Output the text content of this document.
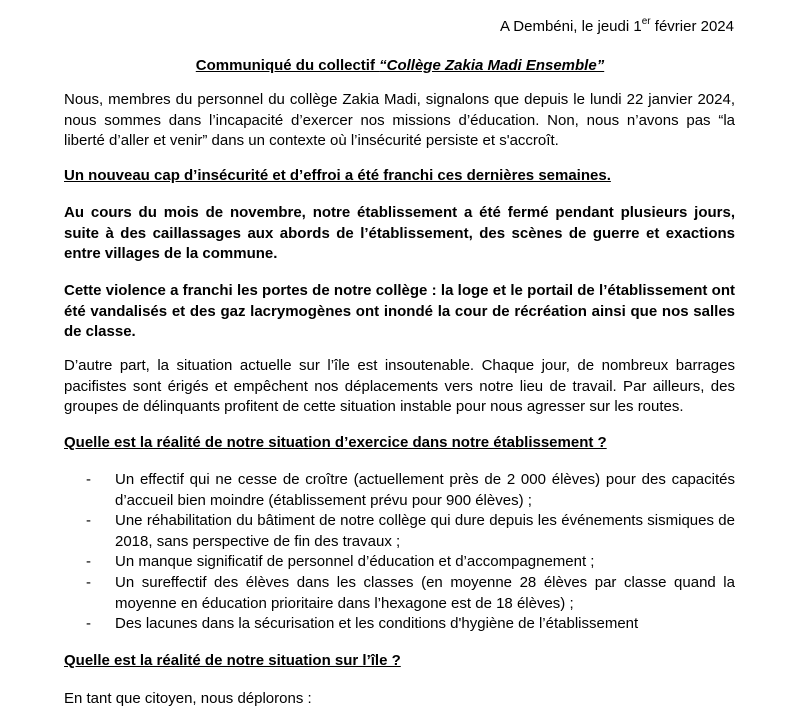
A Dembéni, le jeudi 1er février 2024
Communiqué du collectif “Collège Zakia Madi Ensemble”
Nous, membres du personnel du collège Zakia Madi, signalons que depuis le lundi 22 janvier 2024, nous sommes dans l’incapacité d’exercer nos missions d’éducation. Non, nous n’avons pas “la liberté d’aller et venir” dans un contexte où l’insécurité persiste et s'accroît.
Un nouveau cap d’insécurité et d’effroi a été franchi ces dernières semaines.
Au cours du mois de novembre, notre établissement a été fermé pendant plusieurs jours, suite à des caillassages aux abords de l’établissement, des scènes de guerre et exactions entre villages de la commune.
Cette violence a franchi les portes de notre collège : la loge et le portail de l’établissement ont été vandalisés et des gaz lacrymogènes ont inondé la cour de récréation ainsi que nos salles de classe.
D’autre part, la situation actuelle sur l’île est insoutenable. Chaque jour, de nombreux barrages pacifistes sont érigés et empêchent nos déplacements vers notre lieu de travail. Par ailleurs, des groupes de délinquants profitent de cette situation instable pour nous agresser sur les routes.
Quelle est la réalité de notre situation d’exercice dans notre établissement ?
- Un effectif qui ne cesse de croître (actuellement près de 2 000 élèves) pour des capacités d’accueil bien moindre (établissement prévu pour 900 élèves) ;
- Une réhabilitation du bâtiment de notre collège qui dure depuis les événements sismiques de 2018, sans perspective de fin des travaux ;
- Un manque significatif de personnel d’éducation et d’accompagnement ;
- Un sureffectif des élèves dans les classes (en moyenne 28 élèves par classe quand la moyenne en éducation prioritaire dans l’hexagone est de 18 élèves) ;
- Des lacunes dans la sécurisation et les conditions d'hygiène de l’établissement
Quelle est la réalité de notre situation sur l’île ?
En tant que citoyen, nous déplorons :
